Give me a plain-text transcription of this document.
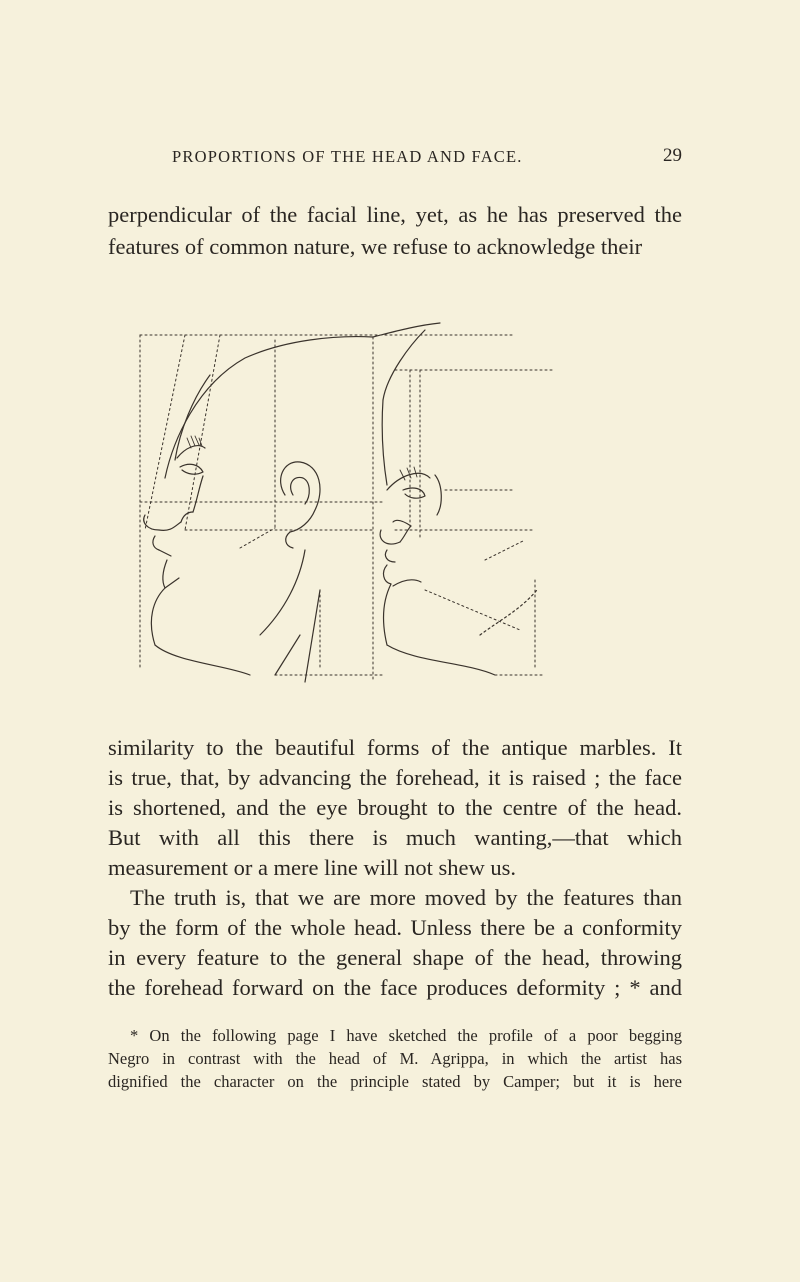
PROPORTIONS OF THE HEAD AND FACE.	29
perpendicular of the facial line, yet, as he has preserved the
features of common nature, we refuse to acknowledge their
similarity to the beautiful forms of the antique marbles. It
is true, that, by advancing the forehead, it is raised ; the face
is shortened, and the eye brought to the centre of the head.
But with all this there is much wanting,—that which
measurement or a mere line will not shew us.
The truth is, that we are more moved by the features than
by the form of the whole head. Unless there be a conformity
in every feature to the general shape of the head, throwing
the forehead forward on the face produces deformity ; * and
* On the following page I have sketched the profile of a poor begging
Negro in contrast with the head of M. Agrippa, in which the artist has
dignified the character on the principle stated by Camper; but it is here
